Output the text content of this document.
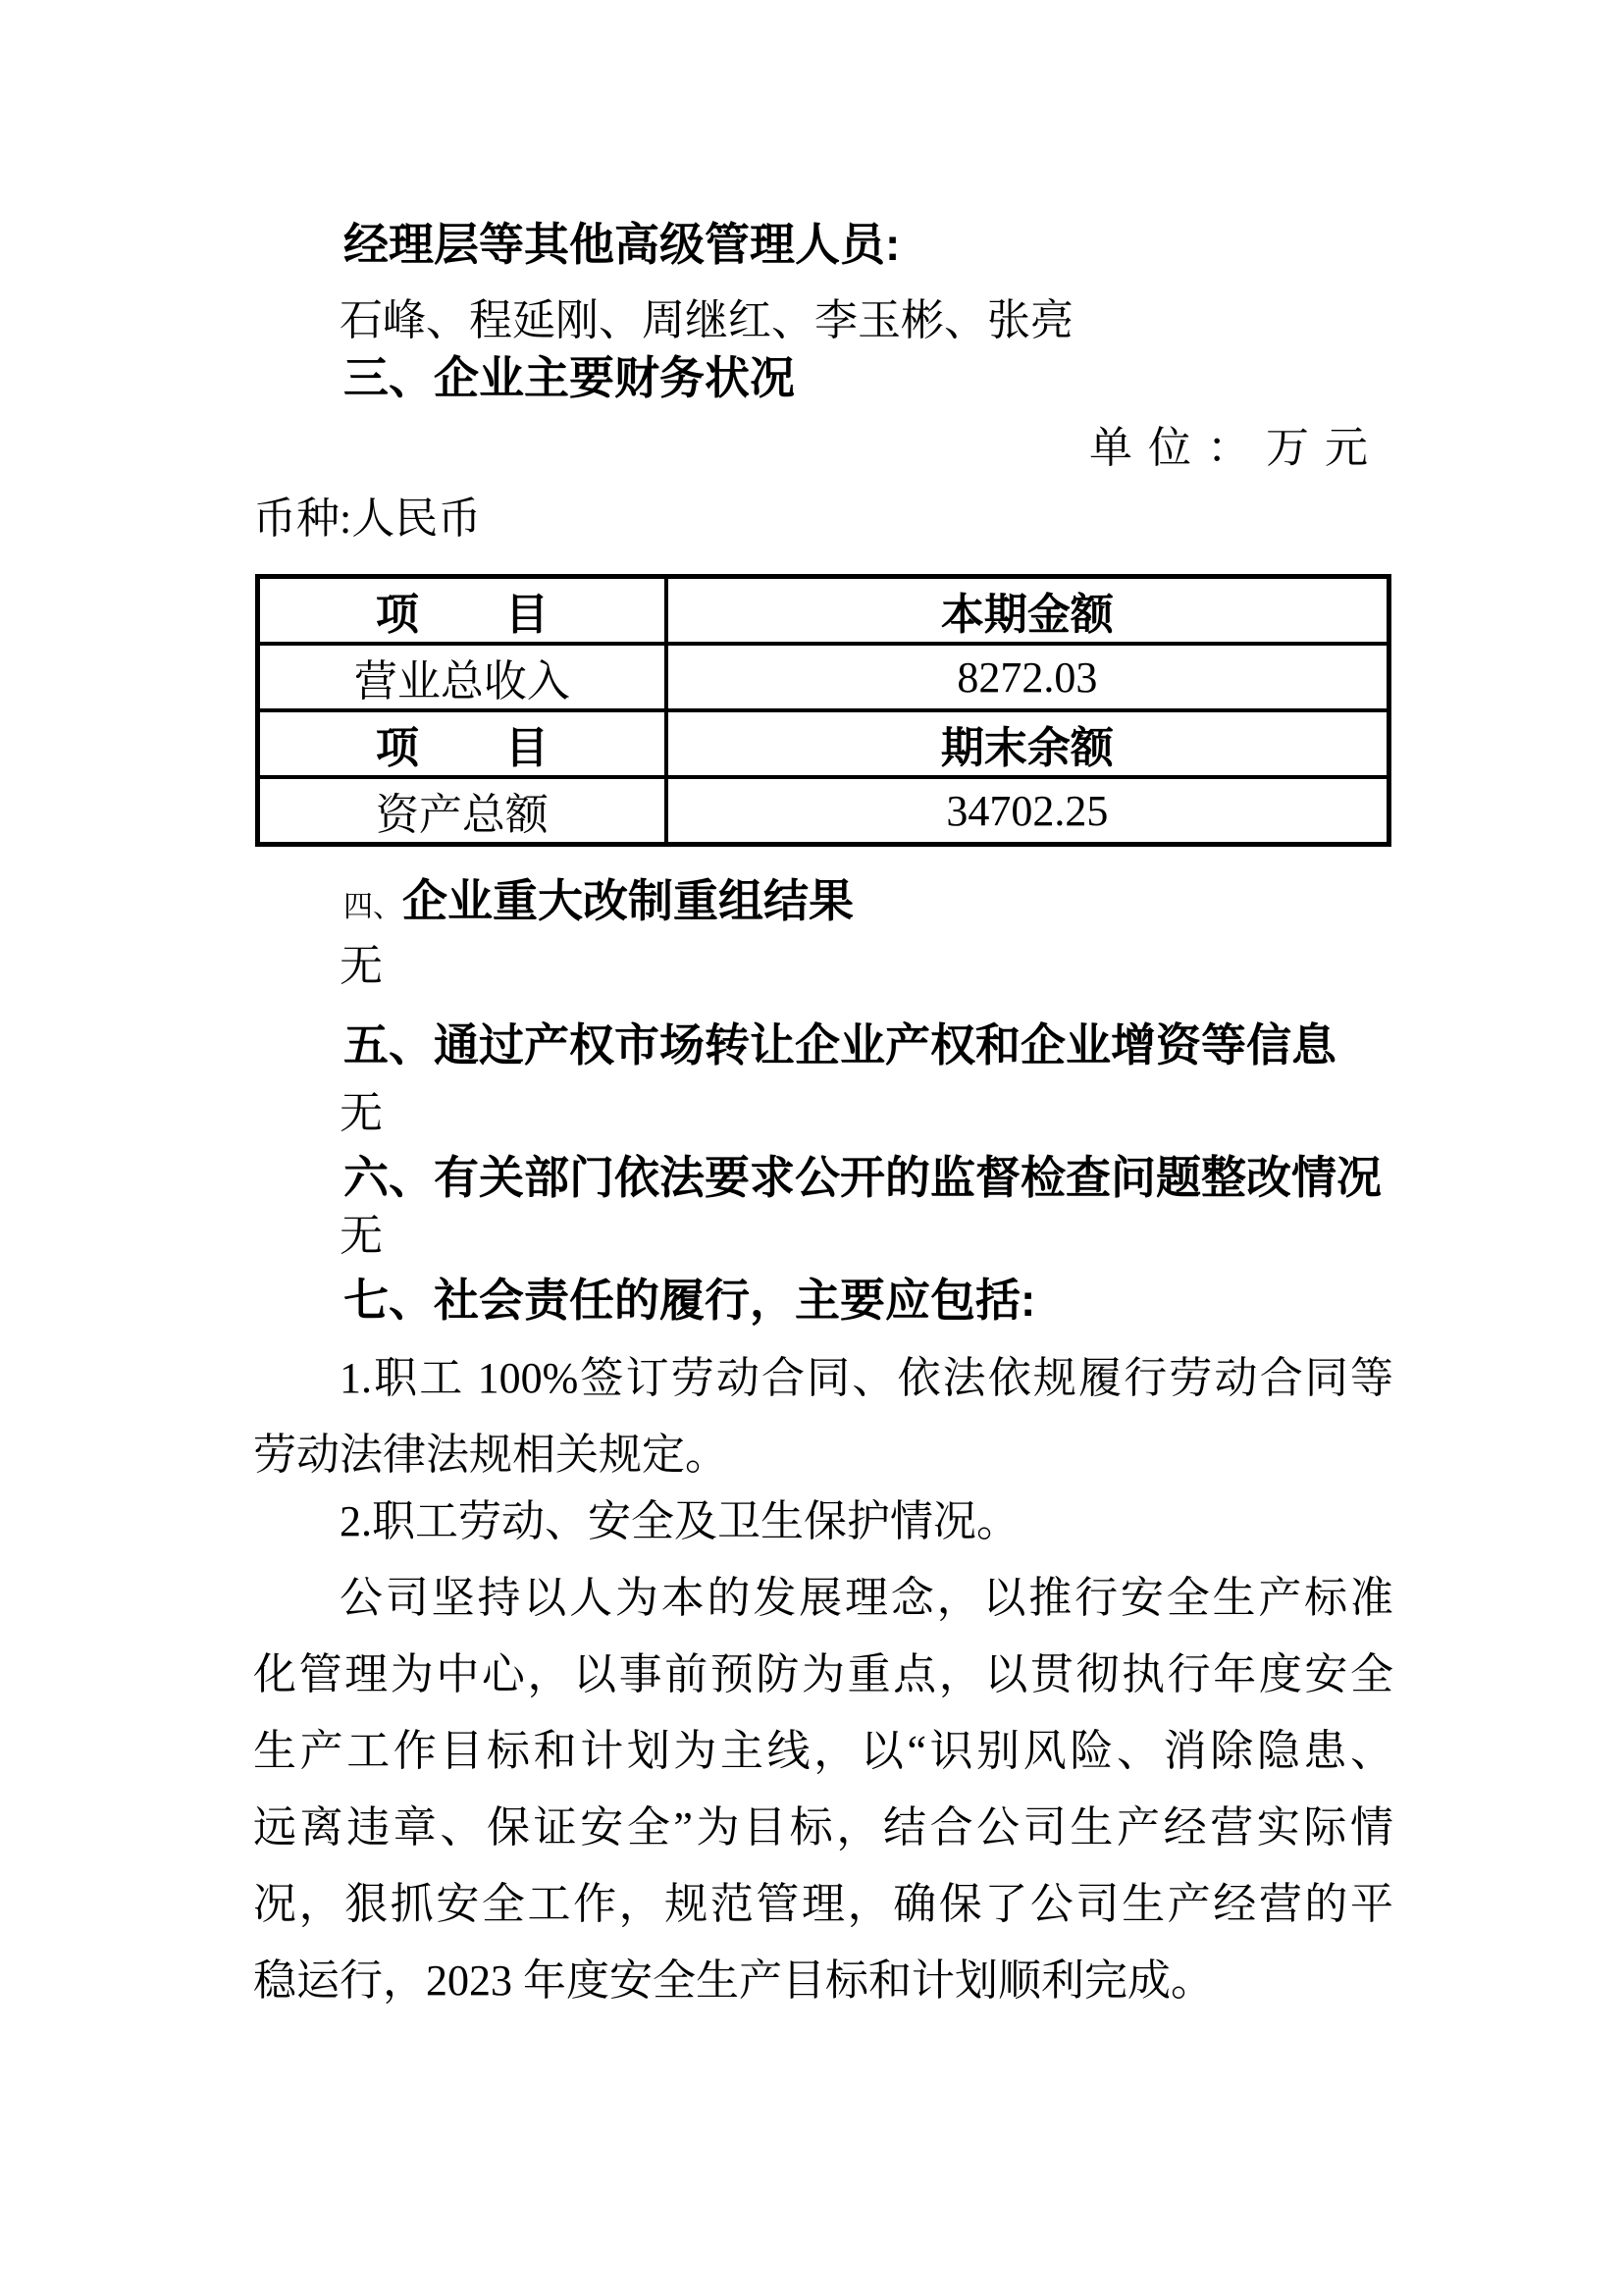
经理层等其他高级管理人员:
石峰、程延刚、周继红、李玉彬、张亮
三、企业主要财务状况
单位：万元
币种:人民币
项　　目	本期金额
营业总收入	8272.03
项　　目	期末余额
资产总额	34702.25
四、企业重大改制重组结果
无
五、通过产权市场转让企业产权和企业增资等信息
无
六、有关部门依法要求公开的监督检查问题整改情况
无
七、社会责任的履行，主要应包括:
1.职工 100%签订劳动合同、依法依规履行劳动合同等
劳动法律法规相关规定。
2.职工劳动、安全及卫生保护情况。
公司坚持以人为本的发展理念，以推行安全生产标准
化管理为中心，以事前预防为重点，以贯彻执行年度安全
生产工作目标和计划为主线，以“识别风险、消除隐患、
远离违章、保证安全”为目标，结合公司生产经营实际情
况，狠抓安全工作，规范管理，确保了公司生产经营的平
稳运行，2023 年度安全生产目标和计划顺利完成。
